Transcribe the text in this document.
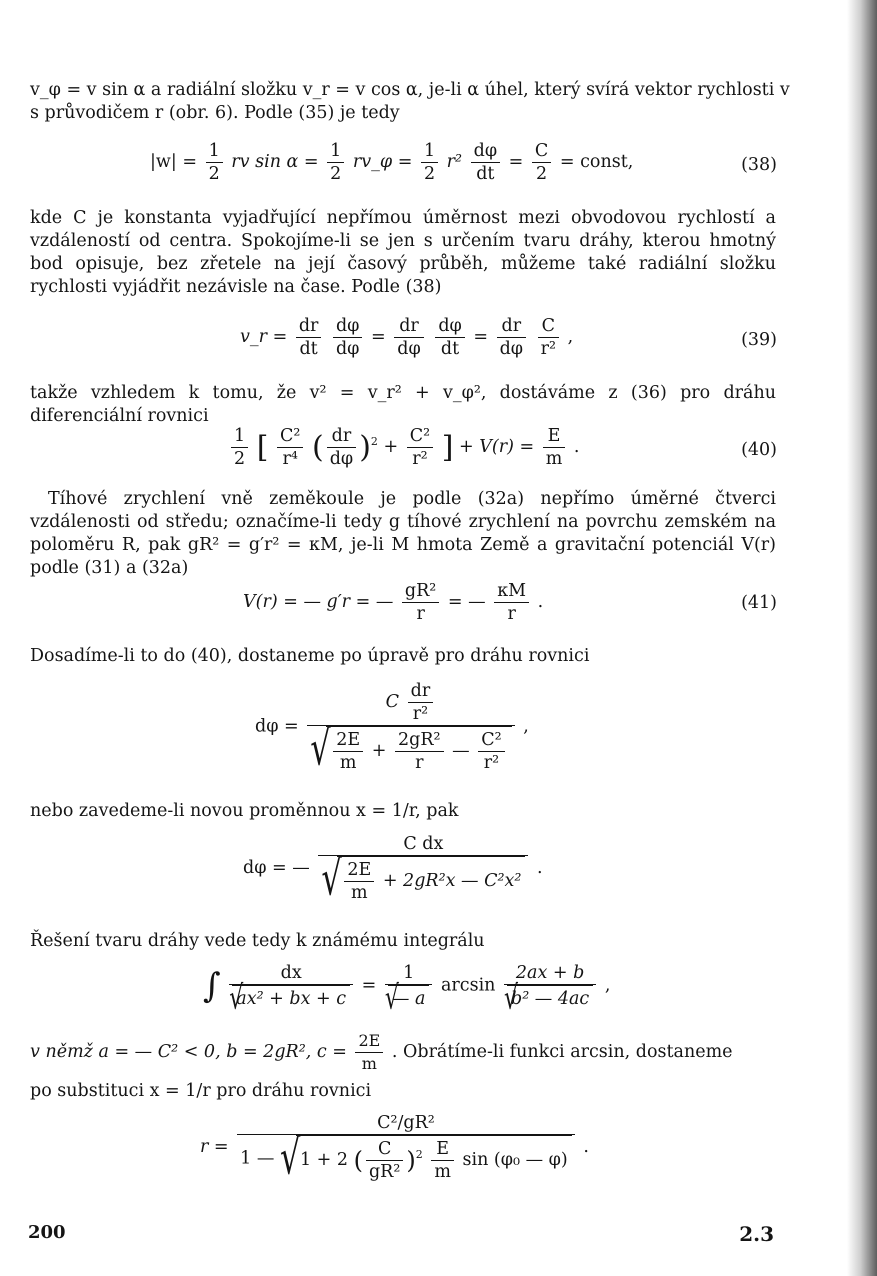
v_φ = v sin α a radiální složku v_r = v cos α, je-li α úhel, který svírá vektor rychlosti v
s průvodičem r (obr. 6). Podle (35) je tedy
$|w| = \frac{1}{2}$ rv $\sin \alpha = \frac{1}{2}$ rv_φ = $\frac{1}{2} r^2 \frac{d\varphi}{dt} = \frac{C}{2}$ = const,	(38)

kde C je konstanta vyjadřující nepřímou úměrnost mezi obvodovou rychlostí a vzdáleností od centra. Spokojíme-li se jen s určením tvaru dráhy, kterou hmotný bod opisuje, bez zřetele na její časový průběh, můžeme také radiální složku rychlosti vyjádřit nezávisle na čase. Podle (38)

v_r = $\frac{dr}{dt}$
$\frac{d\varphi}{d\varphi} = \frac{dr}{d\varphi}$
$\frac{d\varphi}{dt} = \frac{dr}{d\varphi}$
$\frac{C}{\text{r²}}$ ,	(39)

takže vzhledem k tomu, že v² = v_r² + v_φ², dostáváme z (36) pro dráhu diferenciální rovnici

$\frac{1}{2}$ [ $\frac{\text{C²}}{\text{r⁴}}$ ( $\frac{dr}{d\varphi} )^2 + \frac{\text{C²}}{\text{r²}}$ ] + $V(r) = \frac{E}{m}$ .	(40)

Tíhové zrychlení vně zeměkoule je podle (32a) nepřímo úměrné čtverci vzdálenosti od středu; označíme-li tedy g tíhové zrychlení na povrchu zemském na poloměru R, pak gR² = g′r² = κM, je-li M hmota Země a gravitační potenciál V(r) podle (31) a (32a)

V(r) = — g′r = — $\frac{\text{gR²}}{r}$ = — $\frac{\kappa M}{r}$ .	(41)

Dosadíme-li to do (40), dostaneme po úpravě pro dráhu rovnici

dφ =
C $\frac{dr}{\text{r²}}$
√ $\frac{2E}{m} + \frac{\text{2gR²}}{r}$ — $\frac{\text{C²}}{\text{r²}}$
,
nebo zavedeme-li novou proměnnou x = 1/r, pak
dφ = — $\frac{\text{C dx}}{√ \frac{2E}{m} + 2gR^2x — C^2x^2}$ .
Řešení tvaru dráhy vede tedy k známému integrálu
∫ dx
√
ax² + bx + c = 1
√
— a arcsin 2ax + b
√
b² — 4ac ,
v němž a = — C² < 0, b = 2gR², $c = \frac{2E}{m}$ . Obrátíme-li funkci arcsin, dostaneme
po substituci x = 1/r pro dráhu rovnici
r =
C²/gR²
1 — √ 1 + 2 ( $\frac{C}{\text{gR²}} )^2 \frac{E}{m}$ sin (φ₀ — φ)
.
200	2.3
